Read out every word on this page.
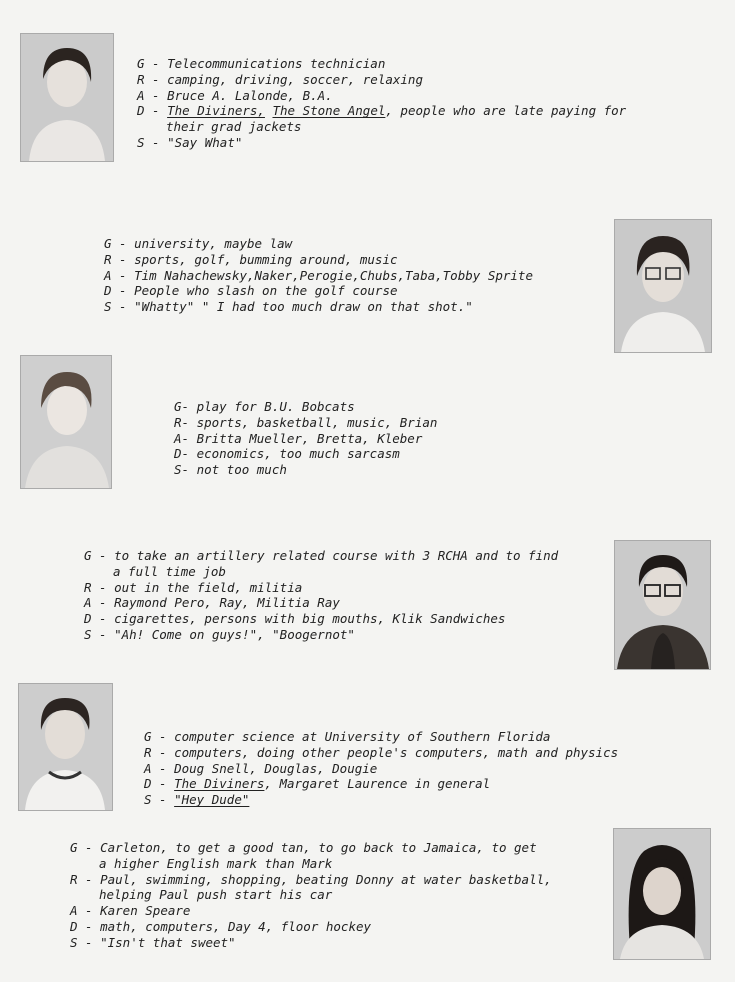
G - Telecommunications technician
R - camping, driving, soccer, relaxing
A - Bruce A. Lalonde, B.A.
D - The Diviners, The Stone Angel, people who are late paying for
their grad jackets
S - "Say What"
G - university, maybe law
R - sports, golf, bumming around, music
A - Tim Nahachewsky,Naker,Perogie,Chubs,Taba,Tobby Sprite
D - People who slash on the golf course
S - "Whatty" " I had too much draw on that shot."
G- play for B.U. Bobcats
R- sports, basketball, music, Brian
A- Britta Mueller, Bretta, Kleber
D- economics, too much sarcasm
S- not too much
G - to take an artillery related course with 3 RCHA and to find
a full time job
R - out in the field, militia
A - Raymond Pero, Ray, Militia Ray
D - cigarettes, persons with big mouths, Klik Sandwiches
S - "Ah! Come on guys!", "Boogernot"
G - computer science at University of Southern Florida
R - computers, doing other people's computers, math and physics
A - Doug Snell, Douglas, Dougie
D - The Diviners, Margaret Laurence in general
S - "Hey Dude"
G - Carleton, to get a good tan, to go back to Jamaica, to get
a higher English mark than Mark
R - Paul, swimming, shopping, beating Donny at water basketball,
helping Paul push start his car
A - Karen Speare
D - math, computers, Day 4, floor hockey
S - "Isn't that sweet"
